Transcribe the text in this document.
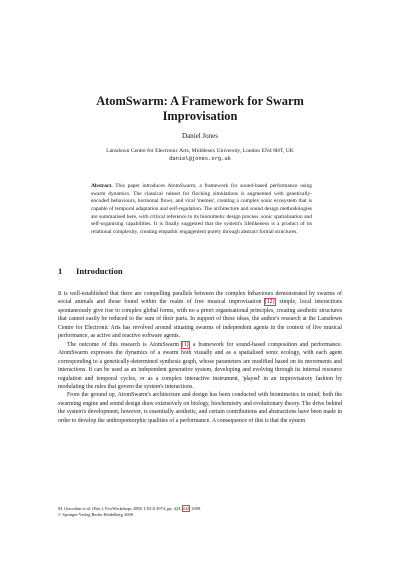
AtomSwarm: A Framework for Swarm
Improvisation
Daniel Jones
Lansdown Centre for Electronic Arts, Middlesex University, London EN4 8HT, UK
daniel@jones.org.uk
Abstract. This paper introduces AtomSwarm, a framework for sound-based performance using swarm dynamics. The classical ruleset for flocking simulations is augmented with genetically-encoded behaviours, hormonal flows, and viral 'memes', creating a complex sonic ecosystem that is capable of temporal adaptation and self-regulation. The architecture and sound design methodologies are summarised here, with critical reference to its biomimetic design process, sonic spatialisation and self-organising capabilities. It is finally suggested that the system's lifelikeness is a product of its relational complexity, creating empathic engagement purely through abstract formal structures.
1 Introduction

It is well-established that there are compelling parallels between the complex behaviours demonstrated by swarms of social animals and those found within the realm of free musical improvisation [12]: simple, local interactions spontaneously give rise to complex global forms, with no a priori organisational principles, creating aesthetic structures that cannot easily be reduced to the sum of their parts. In support of these ideas, the author's research at the Lansdown Centre for Electronic Arts has revolved around situating swarms of independent agents in the context of live musical performance, as active and reactive software agents.

The outcome of this research is AtomSwarm [1], a framework for sound-based composition and performance. AtomSwarm expresses the dynamics of a swarm both visually and as a spatialised sonic ecology, with each agent corresponding to a genetically-determined synthesis graph, whose parameters are modified based on its movements and interactions. It can be used as an independent generative system, developing and evolving through its internal resource regulation and temporal cycles, or as a complex interactive instrument, 'played' in an improvisatory fashion by modulating the rules that govern the system's interactions.

From the ground up, AtomSwarm's architecture and design has been conducted with biomimetics in mind; both the swarming engine and sound design draw extensively on biology, biochemistry and evolutionary theory. The drive behind the system's development, however, is essentially aesthetic, and certain contributions and abstractions have been made in order to develop the anthropomorphic qualities of a performance. A consequence of this is that the system

M. Giacobini et al. (Eds.): EvoWorkshops 2008, LNCS 4974, pp. 423–432, 2008.
© Springer-Verlag Berlin Heidelberg 2008
